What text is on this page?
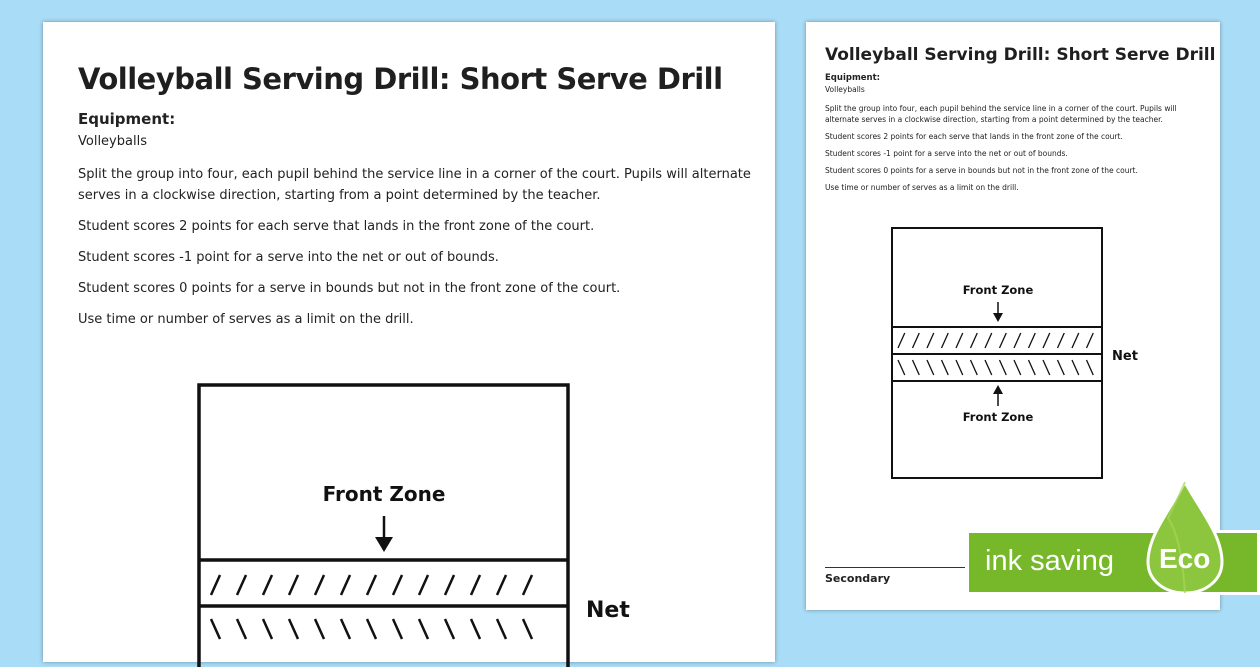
Volleyball Serving Drill: Short Serve Drill
Equipment:
Volleyballs

Split the group into four, each pupil behind the service line in a corner of the court. Pupils will alternate serves in a clockwise direction, starting from a point determined by the teacher.

Student scores 2 points for each serve that lands in the front zone of the court.

Student scores -1 point for a serve into the net or out of bounds.

Student scores 0 points for a serve in bounds but not in the front zone of the court.

Use time or number of serves as a limit on the drill.

Front Zone
Net
Volleyball Serving Drill: Short Serve Drill
Equipment:
Volleyballs

Split the group into four, each pupil behind the service line in a corner of the court. Pupils will alternate serves in a clockwise direction, starting from a point determined by the teacher.

Student scores 2 points for each serve that lands in the front zone of the court.

Student scores -1 point for a serve into the net or out of bounds.

Student scores 0 points for a serve in bounds but not in the front zone of the court.

Use time or number of serves as a limit on the drill.

Front Zone
Front Zone
Net
Secondary
ink saving Eco
